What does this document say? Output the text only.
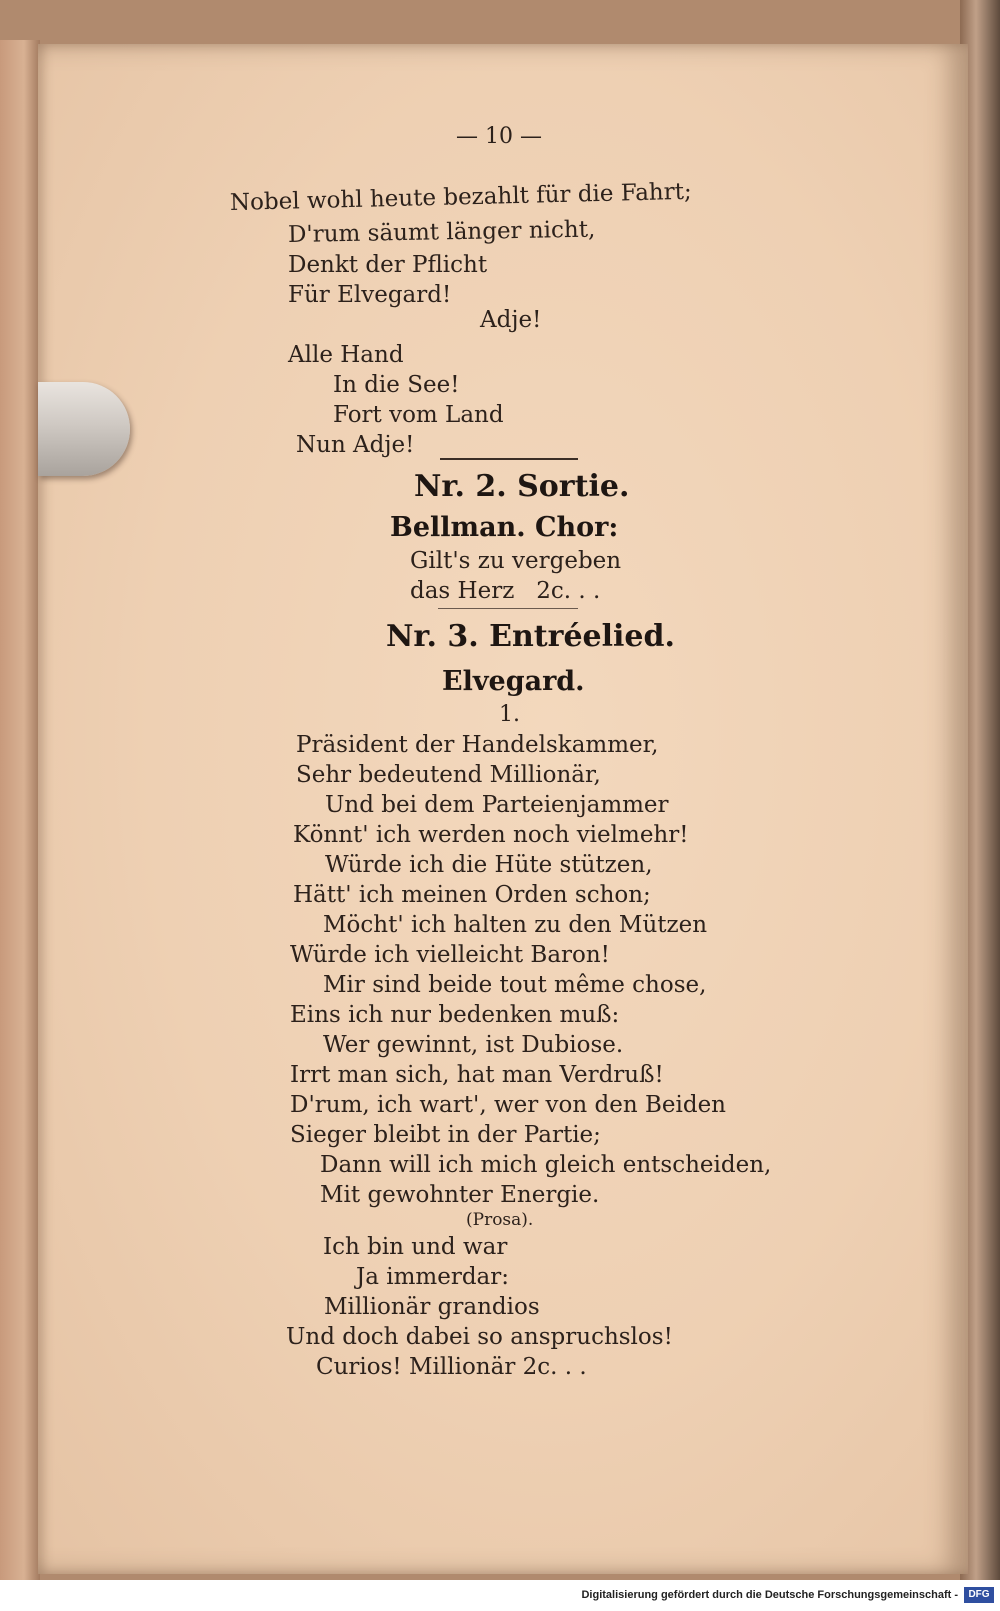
— 10 —
Nobel wohl heute bezahlt für die Fahrt;
D'rum säumt länger nicht,
Denkt der Pflicht
Für Elvegard!
Adje!
Alle Hand
In die See!
Fort vom Land
Nun Adje!
Nr. 2. Sortie.
Bellman. Chor:
Gilt's zu vergeben
das Herz   2c. . .
Nr. 3. Entréelied.
Elvegard.
1.
Präsident der Handelskammer,
Sehr bedeutend Millionär,
Und bei dem Parteienjammer
Könnt' ich werden noch vielmehr!
Würde ich die Hüte stützen,
Hätt' ich meinen Orden schon;
Möcht' ich halten zu den Mützen
Würde ich vielleicht Baron!
Mir sind beide tout même chose,
Eins ich nur bedenken muß:
Wer gewinnt, ist Dubiose.
Irrt man sich, hat man Verdruß!
D'rum, ich wart', wer von den Beiden
Sieger bleibt in der Partie;
Dann will ich mich gleich entscheiden,
Mit gewohnter Energie.
(Prosa).
Ich bin und war
Ja immerdar:
Millionär grandios
Und doch dabei so anspruchslos!
Curios! Millionär 2c. . .
Digitalisierung gefördert durch die Deutsche Forschungsgemeinschaft -	DFG
